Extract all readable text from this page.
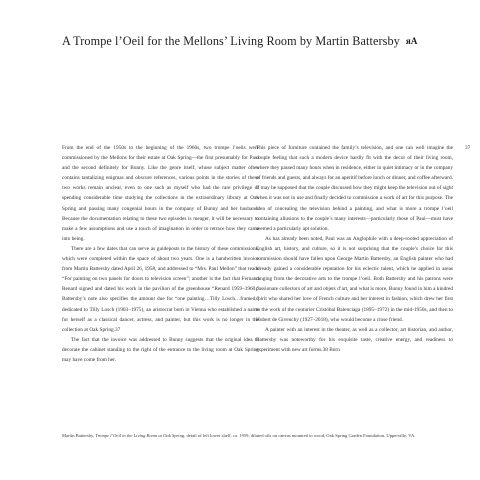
A Trompe l’Oeil for the Mellons’ Living Room by Martin Battersby ᴙA

From the end of the 1950s to the beginning of the 1960s, two trompe l’oeils were commissioned by the Mellons for their estate at Oak Spring—the first presumably for Paul and the second definitely for Bunny. Like the genre itself, whose subject matter often contains tantalizing enigmas and obscure references, various points in the stories of these two works remain unclear, even to one such as myself who had the rare privilege of spending considerable time studying the collections in the extraordinary library at Oak Spring and passing many congenial hours in the company of Bunny and her husband. Because the documentation relating to these two episodes is meager, it will be necessary to make a few assumptions and use a touch of imagination in order to retrace how they came into being.

There are a few dates that can serve as guideposts to the history of these commissions, which were completed within the space of about two years. One is a handwritten invoice from Martin Battersby dated April 26, 1958, and addressed to “Mrs. Paul Mellon” that reads “For painting on two panels for doors to television screen”; another is the fact that Fernand Renard signed and dated his work in the pavilion of the greenhouse “Renard 1959–1960.” Battersby’s note also specifies the amount due for “one painting…Tilly Losch…framed,” dedicated to Tilly Losch (1903–1975), an aristocrat born in Vienna who established a name for herself as a classical dancer, actress, and painter, but this work is no longer in the collection at Oak Spring.37

The fact that the invoice was addressed to Bunny suggests that the original idea to decorate the cabinet standing to the right of the entrance to the living room at Oak Spring may have come from her.

This piece of furniture contained the family’s television, and one can well imagine the couple feeling that such a modern device hardly fit with the decor of their living room, where they passed many hours when in residence, either in quiet intimacy or in the company of friends and guests, and always for an aperitif before lunch or dinner, and coffee afterward. It may be supposed that the couple discussed how they might keep the television out of sight when it was not in use and finally decided to commission a work of art for this purpose. The idea of concealing the television behind a painting, and what is more a trompe l’oeil containing allusions to the couple’s many interests—particularly those of Paul—must have seemed a particularly apt solution.

As has already been noted, Paul was an Anglophile with a deep-rooted appreciation of English art, history, and culture, so it is not surprising that the couple’s choice for this commission should have fallen upon George Martin Battersby, an English painter who had already gained a considerable reputation for his eclectic talent, which he applied in areas ranging from the decorative arts to the trompe l’oeil. Both Battersby and his patrons were passionate collectors of art and objets d’art, and what is more, Bunny found in him a kindred spirit who shared her love of French culture and her interest in fashion, which drew her first to the work of the couturier Cristóbal Balenciaga (1895–1972) in the mid-1950s, and then to Hubert de Givenchy (1927–2018), who would become a close friend.

A painter with an interest in the theater, as well as a collector, art historian, and author, Battersby was noteworthy for his exquisite taste, creative energy, and readiness to experiment with new art forms.38 Born

37
Martin Battersby, Trompe l’Oeil in the Living Room at Oak Spring, detail of left lower shelf, ca. 1959, diluted oils on canvas mounted to wood, Oak Spring Garden Foundation, Upperville, VA.
